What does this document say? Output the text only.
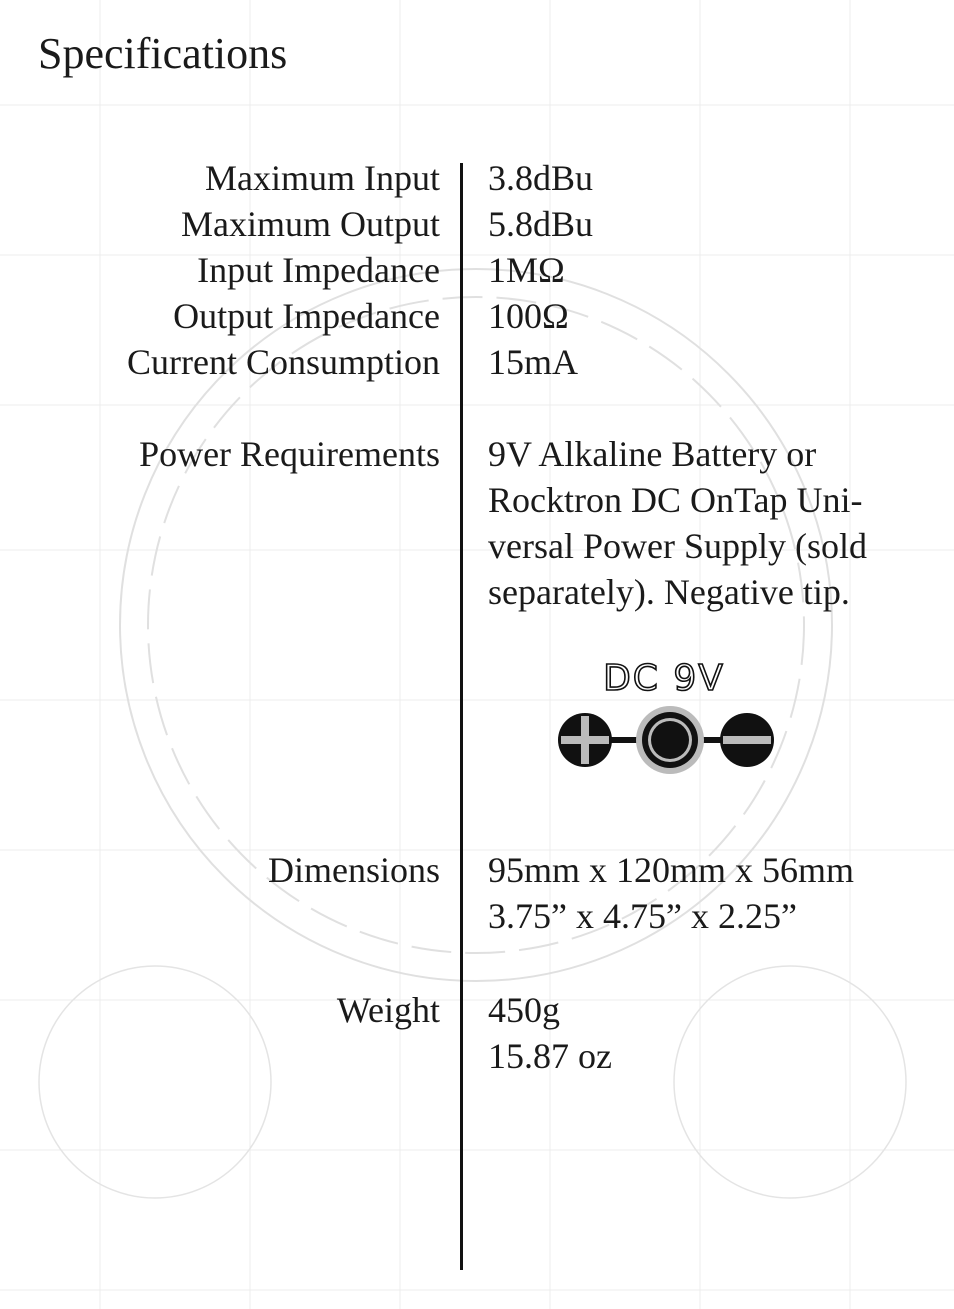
Specifications
Maximum Input 3.8dBu
Maximum Output 5.8dBu
Input Impedance 1MΩ
Output Impedance 100Ω
Current Consumption 15mA
Power Requirements 9V Alkaline Battery or
Rocktron DC OnTap Uni-
versal Power Supply (sold
separately). Negative tip.
DC 9V
Dimensions 95mm x 120mm x 56mm
3.75” x 4.75” x 2.25”
Weight 450g
15.87 oz
